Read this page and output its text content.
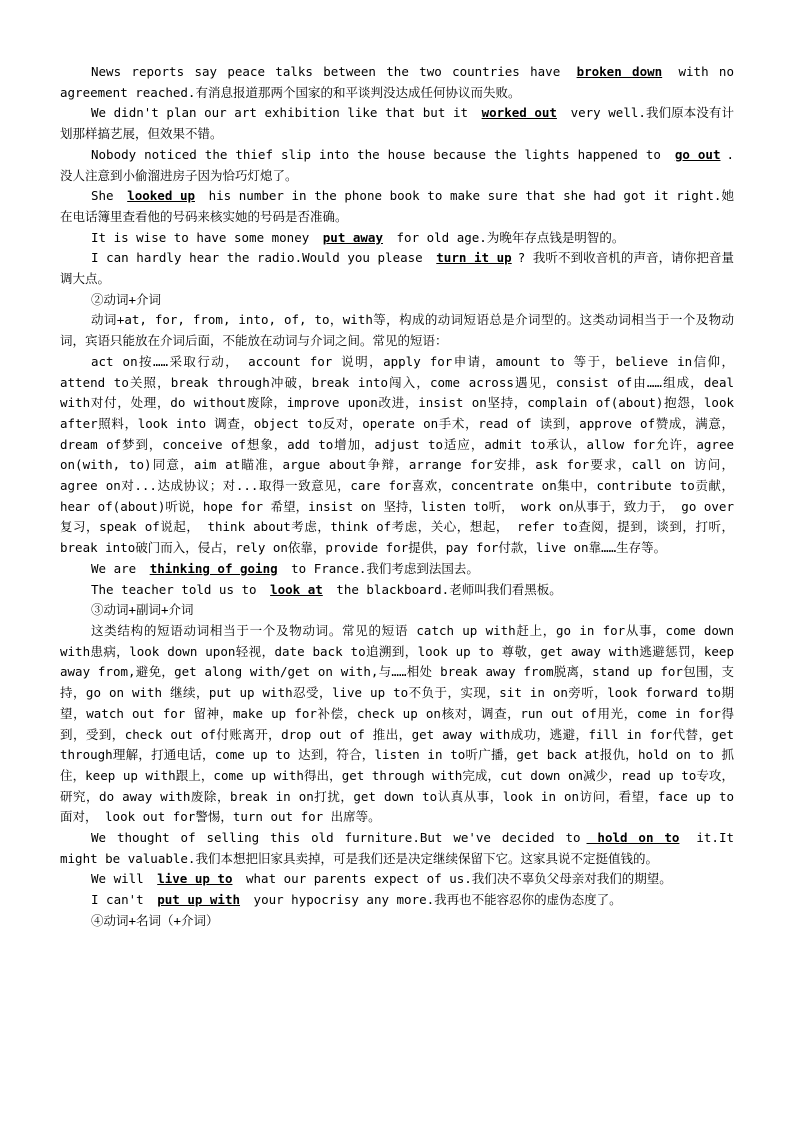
News reports say peace talks between the two countries have broken down with no agreement reached.有消息报道那两个国家的和平谈判没达成任何协议而失败。

We didn't plan our art exhibition like that but it worked out very well.我们原本没有计划那样搞艺展，但效果不错。

Nobody noticed the thief slip into the house because the lights happened to go out .没人注意到小偷溜进房子因为恰巧灯熄了。

She looked up his number in the phone book to make sure that she had got it right.她在电话簿里查看他的号码来核实她的号码是否准确。

It is wise to have some money put away for old age.为晚年存点钱是明智的。

I can hardly hear the radio.Would you please turn it up ? 我听不到收音机的声音，请你把音量调大点。

②动词+介词

动词+at, for, from, into, of, to，with等，构成的动词短语总是介词型的。这类动词相当于一个及物动词，宾语只能放在介词后面，不能放在动词与介词之间。常见的短语：

act on按……采取行动， account for 说明，apply for申请，amount to 等于，believe in信仰，attend to关照，break through冲破，break into闯入，come across遇见，consist of由……组成，deal with对付，处理，do without废除，improve upon改进，insist on坚持，complain of(about)抱怨，look after照料，look into 调查，object to反对，operate on手术，read of 读到，approve of赞成，满意，dream of梦到，conceive of想象，add to增加，adjust to适应，admit to承认，allow for允许，agree on(with, to)同意，aim at瞄准，argue about争辩，arrange for安排，ask for要求，call on 访问，agree on对...达成协议；对...取得一致意见，care for喜欢，concentrate on集中，contribute to贡献，hear of(about)听说，hope for 希望，insist on 坚持，listen to听， work on从事于，致力于， go over复习，speak of说起， think about考虑，think of考虑，关心，想起， refer to查阅，提到，谈到，打听，break into破门而入，侵占，rely on依靠，provide for提供，pay for付款，live on靠……生存等。

We are thinking of going to France.我们考虑到法国去。

The teacher told us to look at the blackboard.老师叫我们看黑板。

③动词+副词+介词

这类结构的短语动词相当于一个及物动词。常见的短语 catch up with赶上，go in for从事，come down with患病，look down upon轻视，date back to追溯到，look up to 尊敬，get away with逃避惩罚，keep away from,避免，get along with/get on with,与……相处 break away from脱离，stand up for包围，支持，go on with 继续，put up with忍受，live up to不负于，实现，sit in on旁听，look forward to期望，watch out for 留神，make up for补偿，check up on核对，调查，run out of用光，come in for得到，受到，check out of付账离开，drop out of 推出，get away with成功，逃避，fill in for代替，get through理解，打通电话，come up to 达到，符合，listen in to听广播，get back at报仇，hold on to 抓住，keep up with跟上，come up with得出，get through with完成，cut down on减少，read up to专攻，研究，do away with废除，break in on打扰，get down to认真从事，look in on访问，看望，face up to 面对， look out for警惕，turn out for 出席等。

We thought of selling this old furniture.But we've decided to hold on to it.It might be valuable.我们本想把旧家具卖掉，可是我们还是决定继续保留下它。这家具说不定挺值钱的。

We will live up to what our parents expect of us.我们决不辜负父母亲对我们的期望。

I can't put up with your hypocrisy any more.我再也不能容忍你的虚伪态度了。

④动词+名词（+介词）
